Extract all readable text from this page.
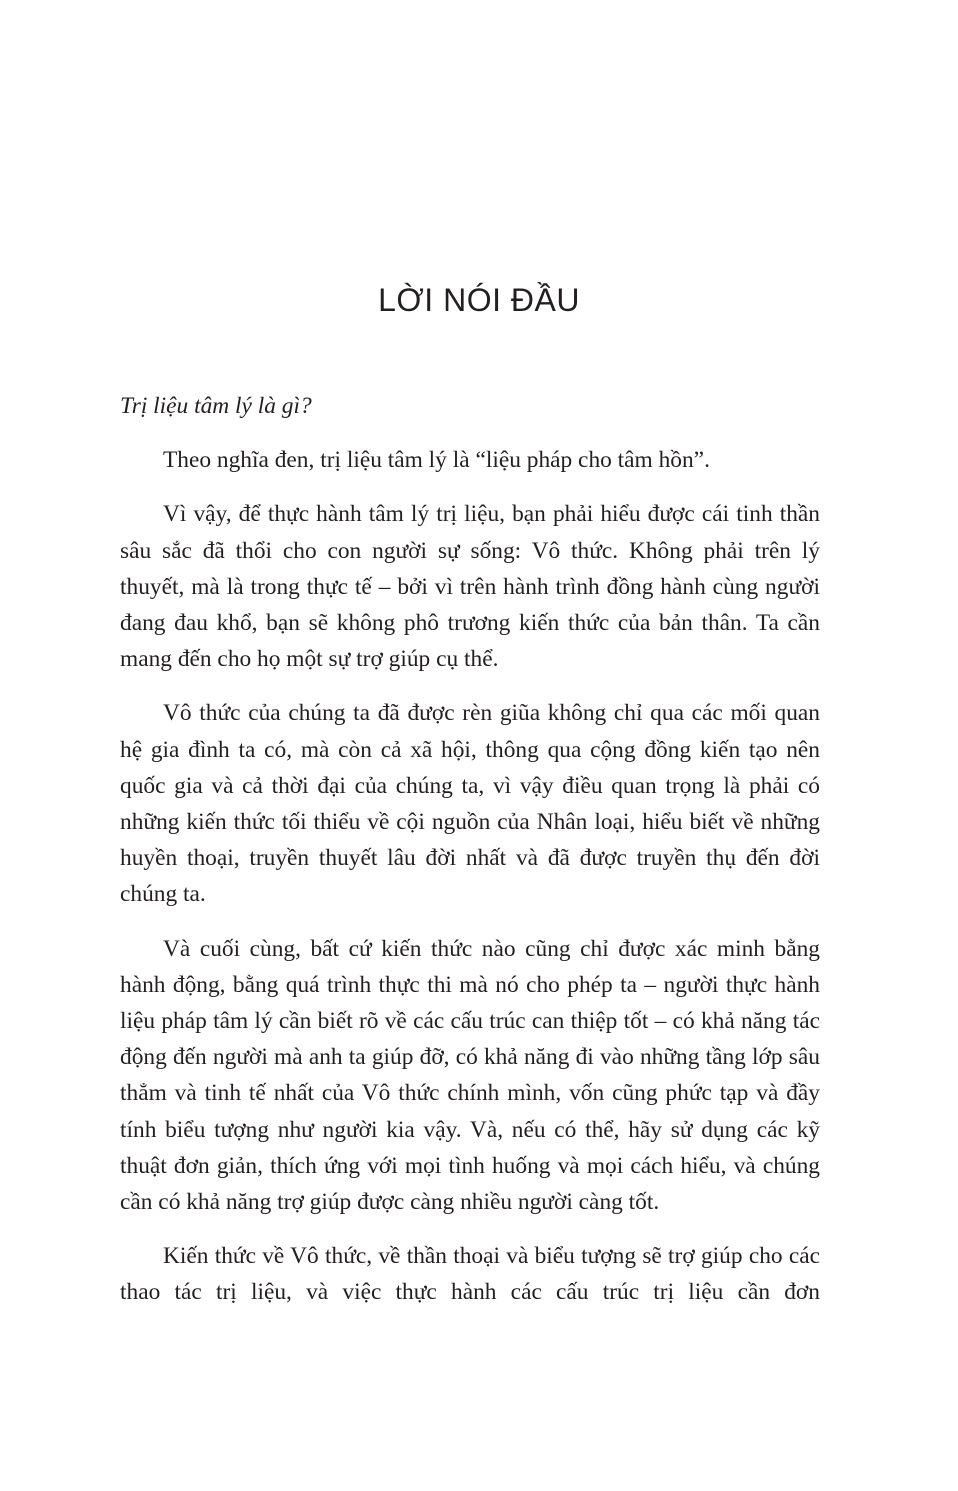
LỜI NÓI ĐẦU

Trị liệu tâm lý là gì?

Theo nghĩa đen, trị liệu tâm lý là “liệu pháp cho tâm hồn”.

Vì vậy, để thực hành tâm lý trị liệu, bạn phải hiểu được cái tinh thần sâu sắc đã thổi cho con người sự sống: Vô thức. Không phải trên lý thuyết, mà là trong thực tế – bởi vì trên hành trình đồng hành cùng người đang đau khổ, bạn sẽ không phô trương kiến thức của bản thân. Ta cần mang đến cho họ một sự trợ giúp cụ thể.

Vô thức của chúng ta đã được rèn giũa không chỉ qua các mối quan hệ gia đình ta có, mà còn cả xã hội, thông qua cộng đồng kiến tạo nên quốc gia và cả thời đại của chúng ta, vì vậy điều quan trọng là phải có những kiến thức tối thiểu về cội nguồn của Nhân loại, hiểu biết về những huyền thoại, truyền thuyết lâu đời nhất và đã được truyền thụ đến đời chúng ta.

Và cuối cùng, bất cứ kiến thức nào cũng chỉ được xác minh bằng hành động, bằng quá trình thực thi mà nó cho phép ta – người thực hành liệu pháp tâm lý cần biết rõ về các cấu trúc can thiệp tốt – có khả năng tác động đến người mà anh ta giúp đỡ, có khả năng đi vào những tầng lớp sâu thẳm và tinh tế nhất của Vô thức chính mình, vốn cũng phức tạp và đầy tính biểu tượng như người kia vậy. Và, nếu có thể, hãy sử dụng các kỹ thuật đơn giản, thích ứng với mọi tình huống và mọi cách hiểu, và chúng cần có khả năng trợ giúp được càng nhiều người càng tốt.

Kiến thức về Vô thức, về thần thoại và biểu tượng sẽ trợ giúp cho các thao tác trị liệu, và việc thực hành các cấu trúc trị liệu cần đơn
